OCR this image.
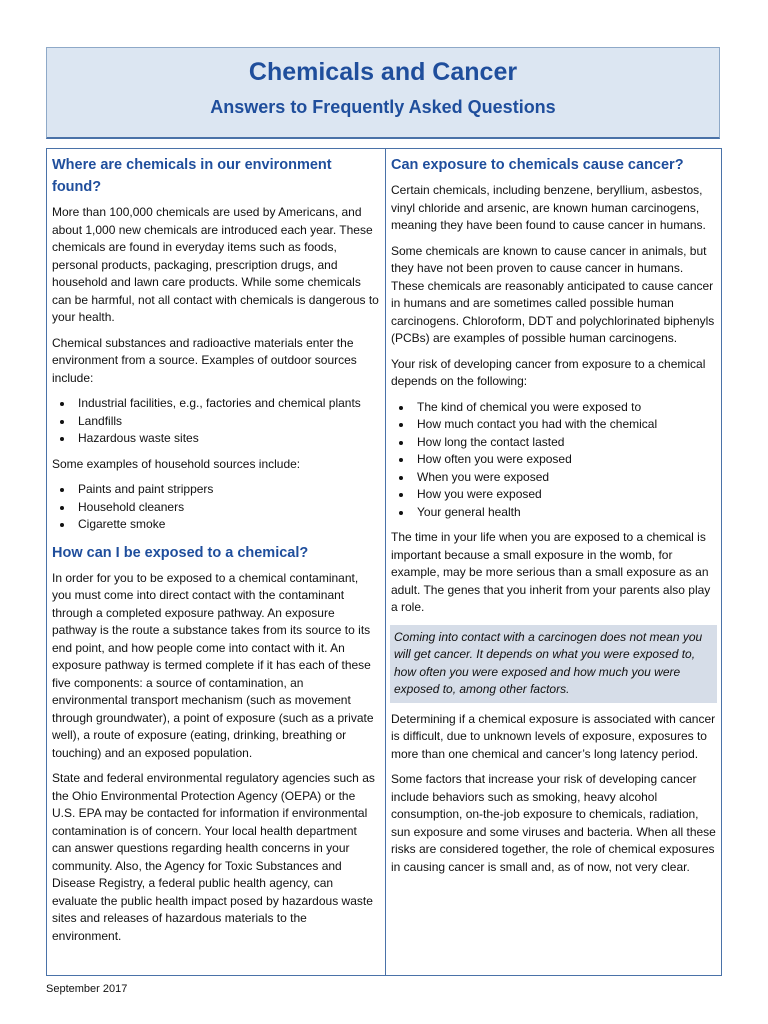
Chemicals and Cancer
Answers to Frequently Asked Questions
Where are chemicals in our environment found?

More than 100,000 chemicals are used by Americans, and about 1,000 new chemicals are introduced each year. These chemicals are found in everyday items such as foods, personal products, packaging, prescription drugs, and household and lawn care products. While some chemicals can be harmful, not all contact with chemicals is dangerous to your health.

Chemical substances and radioactive materials enter the environment from a source. Examples of outdoor sources include:

• Industrial facilities, e.g., factories and chemical plants
• Landfills
• Hazardous waste sites

Some examples of household sources include:

• Paints and paint strippers
• Household cleaners
• Cigarette smoke
How can I be exposed to a chemical?

In order for you to be exposed to a chemical contaminant, you must come into direct contact with the contaminant through a completed exposure pathway. An exposure pathway is the route a substance takes from its source to its end point, and how people come into contact with it. An exposure pathway is termed complete if it has each of these five components: a source of contamination, an environmental transport mechanism (such as movement through groundwater), a point of exposure (such as a private well), a route of exposure (eating, drinking, breathing or touching) and an exposed population.

State and federal environmental regulatory agencies such as the Ohio Environmental Protection Agency (OEPA) or the U.S. EPA may be contacted for information if environmental contamination is of concern. Your local health department can answer questions regarding health concerns in your community. Also, the Agency for Toxic Substances and Disease Registry, a federal public health agency, can evaluate the public health impact posed by hazardous waste sites and releases of hazardous materials to the environment.

Can exposure to chemicals cause cancer?

Certain chemicals, including benzene, beryllium, asbestos, vinyl chloride and arsenic, are known human carcinogens, meaning they have been found to cause cancer in humans.

Some chemicals are known to cause cancer in animals, but they have not been proven to cause cancer in humans. These chemicals are reasonably anticipated to cause cancer in humans and are sometimes called possible human carcinogens. Chloroform, DDT and polychlorinated biphenyls (PCBs) are examples of possible human carcinogens.

Your risk of developing cancer from exposure to a chemical depends on the following:

• The kind of chemical you were exposed to
• How much contact you had with the chemical
• How long the contact lasted
• How often you were exposed
• When you were exposed
• How you were exposed
• Your general health

The time in your life when you are exposed to a chemical is important because a small exposure in the womb, for example, may be more serious than a small exposure as an adult. The genes that you inherit from your parents also play a role.

Coming into contact with a carcinogen does not mean you will get cancer. It depends on what you were exposed to, how often you were exposed and how much you were exposed to, among other factors.

Determining if a chemical exposure is associated with cancer is difficult, due to unknown levels of exposure, exposures to more than one chemical and cancer’s long latency period.

Some factors that increase your risk of developing cancer include behaviors such as smoking, heavy alcohol consumption, on-the-job exposure to chemicals, radiation, sun exposure and some viruses and bacteria. When all these risks are considered together, the role of chemical exposures in causing cancer is small and, as of now, not very clear.

September 2017
